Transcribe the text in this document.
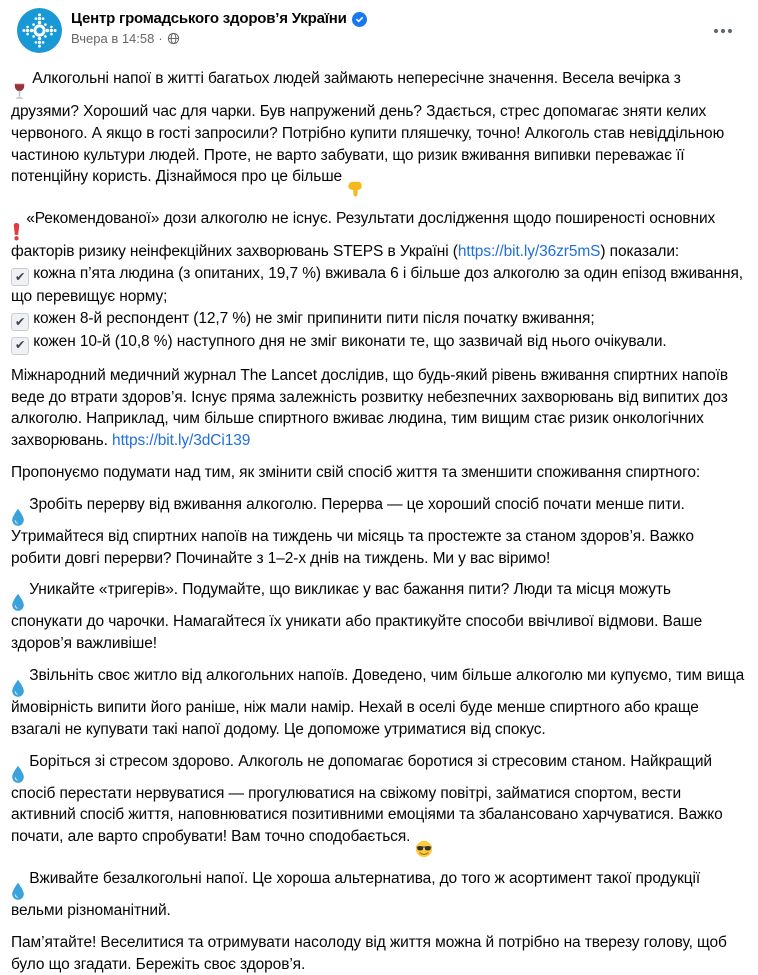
Центр громадського здоров’я України
Вчера в 14:58 ·

Алкогольні напої в житті багатьох людей займають непересічне значення. Весела вечірка з друзями? Хороший час для чарки. Був напружений день? Здається, стрес допомагає зняти келих червоного. А якщо в гості запросили? Потрібно купити пляшечку, точно! Алкоголь став невіддільною частиною культури людей. Проте, не варто забувати, що ризик вживання випивки переважає її потенційну користь. Дізнаймося про це більше

«Рекомендованої» дози алкоголю не існує. Результати дослідження щодо поширеності основних факторів ризику неінфекційних захворювань STEPS в Україні (https://bit.ly/36zr5mS) показали:

✔ кожна п’ята людина (з опитаних, 19,7 %) вживала 6 і більше доз алкоголю за один епізод вживання, що перевищує норму;

✔ кожен 8-й респондент (12,7 %) не зміг припинити пити після початку вживання;

✔ кожен 10-й (10,8 %) наступного дня не зміг виконати те, що зазвичай від нього очікували.

Міжнародний медичний журнал The Lancet дослідив, що будь-який рівень вживання спиртних напоїв веде до втрати здоров’я. Існує пряма залежність розвитку небезпечних захворювань від випитих доз алкоголю. Наприклад, чим більше спиртного вживає людина, тим вищим стає ризик онкологічних захворювань. https://bit.ly/3dCi139

Пропонуємо подумати над тим, як змінити свій спосіб життя та зменшити споживання спиртного:

Зробіть перерву від вживання алкоголю. Перерва — це хороший спосіб почати менше пити. Утримайтеся від спиртних напоїв на тиждень чи місяць та простежте за станом здоров’я. Важко робити довгі перерви? Починайте з 1–2-х днів на тиждень. Ми у вас віримо!

Уникайте «тригерів». Подумайте, що викликає у вас бажання пити? Люди та місця можуть спонукати до чарочки. Намагайтеся їх уникати або практикуйте способи ввічливої відмови. Ваше здоров’я важливіше!

Звільніть своє житло від алкогольних напоїв. Доведено, чим більше алкоголю ми купуємо, тим вища ймовірність випити його раніше, ніж мали намір. Нехай в оселі буде менше спиртного або краще взагалі не купувати такі напої додому. Це допоможе утриматися від спокус.

Боріться зі стресом здорово. Алкоголь не допомагає боротися зі стресовим станом. Найкращий спосіб перестати нервуватися — прогулюватися на свіжому повітрі, займатися спортом, вести активний спосіб життя, наповнюватися позитивними емоціями та збалансовано харчуватися. Важко почати, але варто спробувати! Вам точно сподобається.

Вживайте безалкогольні напої. Це хороша альтернатива, до того ж асортимент такої продукції вельми різноманітний.

Пам’ятайте! Веселитися та отримувати насолоду від життя можна й потрібно на тверезу голову, щоб було що згадати. Бережіть своє здоров’я.
